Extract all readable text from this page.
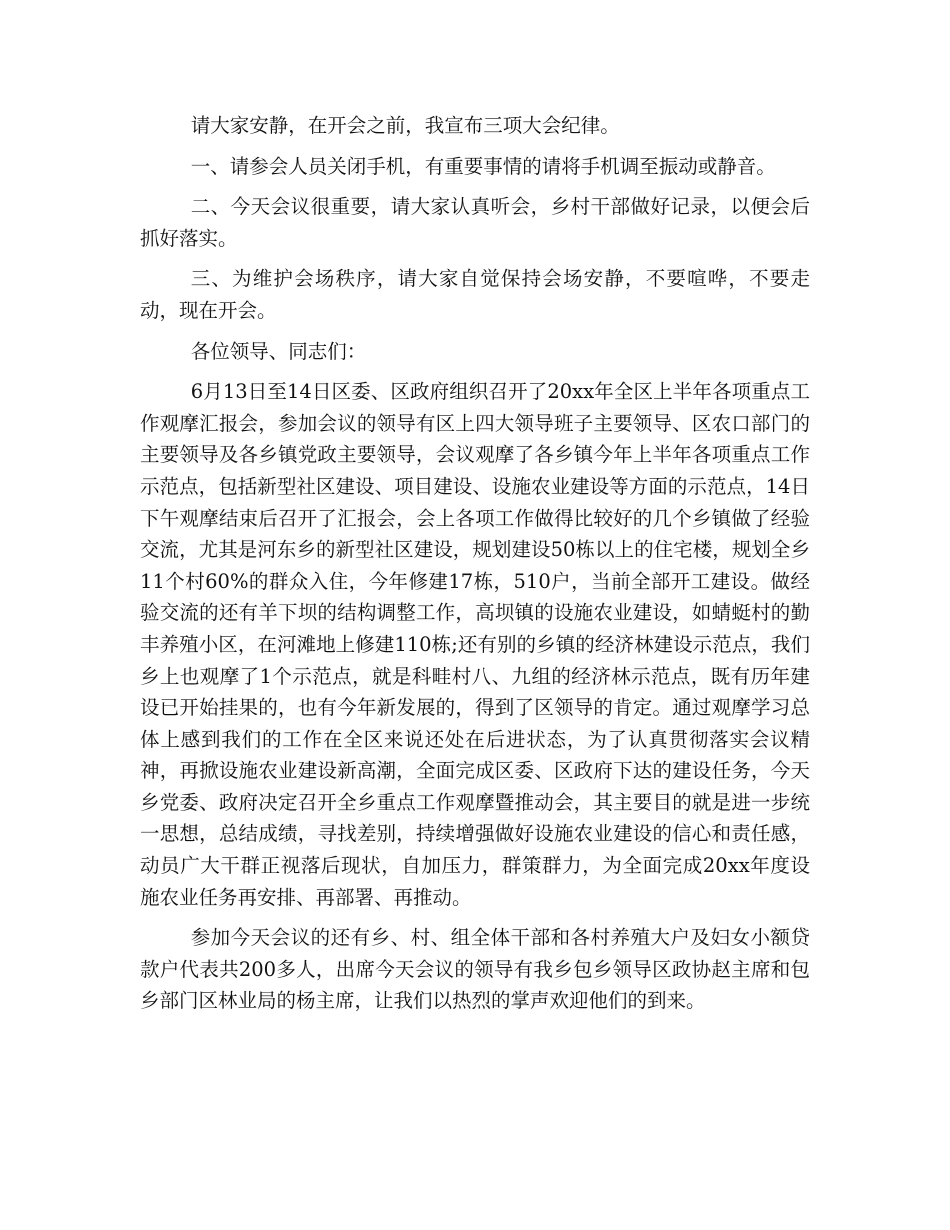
请大家安静，在开会之前，我宣布三项大会纪律。

一、请参会人员关闭手机，有重要事情的请将手机调至振动或静音。

二、今天会议很重要，请大家认真听会，乡村干部做好记录，以便会后抓好落实。

三、为维护会场秩序，请大家自觉保持会场安静，不要喧哗，不要走动，现在开会。

各位领导、同志们：

6月13日至14日区委、区政府组织召开了20xx年全区上半年各项重点工作观摩汇报会，参加会议的领导有区上四大领导班子主要领导、区农口部门的主要领导及各乡镇党政主要领导，会议观摩了各乡镇今年上半年各项重点工作示范点，包括新型社区建设、项目建设、设施农业建设等方面的示范点，14日下午观摩结束后召开了汇报会，会上各项工作做得比较好的几个乡镇做了经验交流，尤其是河东乡的新型社区建设，规划建设50栋以上的住宅楼，规划全乡11个村60%的群众入住，今年修建17栋，510户，当前全部开工建设。做经验交流的还有羊下坝的结构调整工作，高坝镇的设施农业建设，如蜻蜓村的勤丰养殖小区，在河滩地上修建110栋;还有别的乡镇的经济林建设示范点，我们乡上也观摩了1个示范点，就是科畦村八、九组的经济林示范点，既有历年建设已开始挂果的，也有今年新发展的，得到了区领导的肯定。通过观摩学习总体上感到我们的工作在全区来说还处在后进状态，为了认真贯彻落实会议精神，再掀设施农业建设新高潮，全面完成区委、区政府下达的建设任务，今天乡党委、政府决定召开全乡重点工作观摩暨推动会，其主要目的就是进一步统一思想，总结成绩，寻找差别，持续增强做好设施农业建设的信心和责任感，动员广大干群正视落后现状，自加压力，群策群力，为全面完成20xx年度设施农业任务再安排、再部署、再推动。

参加今天会议的还有乡、村、组全体干部和各村养殖大户及妇女小额贷款户代表共200多人，出席今天会议的领导有我乡包乡领导区政协赵主席和包乡部门区林业局的杨主席，让我们以热烈的掌声欢迎他们的到来。
